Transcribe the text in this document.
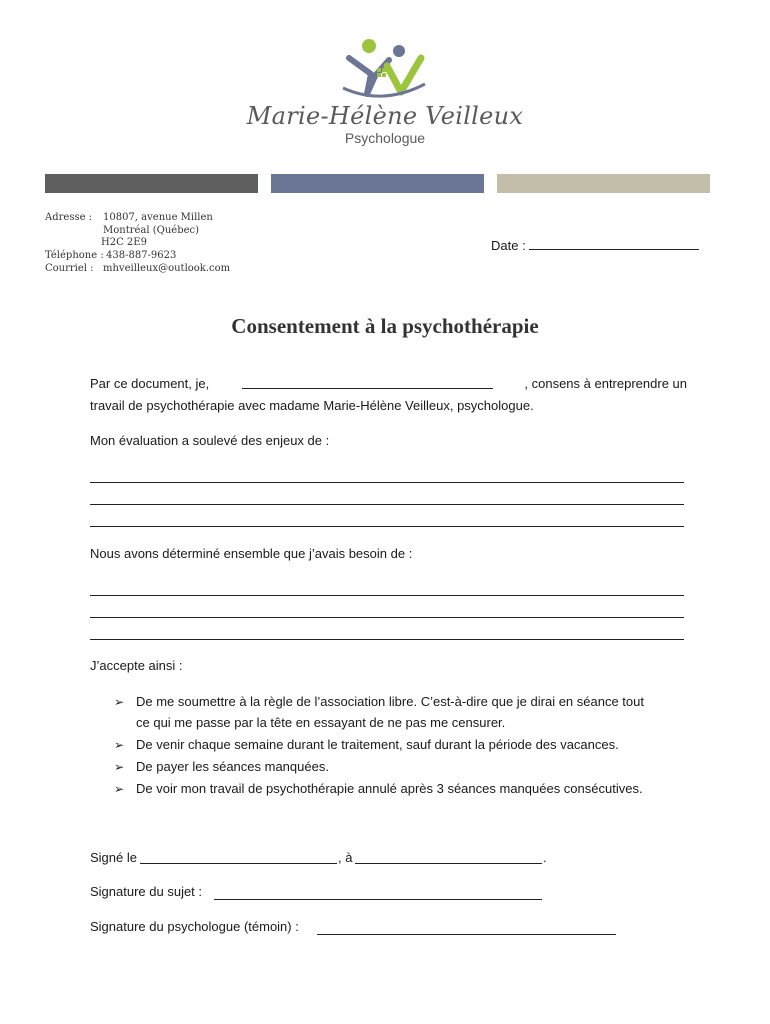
Marie-Hélène Veilleux
Psychologue
Adresse : 10807, avenue Millen
Montréal (Québec)
H2C 2E9
Téléphone : 438-887-9623
Courriel : mhveilleux@outlook.com
Date :
Consentement à la psychothérapie
Par ce document, je,	, consens à entreprendre un
travail de psychothérapie avec madame Marie-Hélène Veilleux, psychologue.
Mon évaluation a soulevé des enjeux de :
Nous avons déterminé ensemble que j’avais besoin de :
J’accepte ainsi :
➢ De me soumettre à la règle de l’association libre. C’est-à-dire que je dirai en séance tout
ce qui me passe par la tête en essayant de ne pas me censurer.
➢ De venir chaque semaine durant le traitement, sauf durant la période des vacances.
➢ De payer les séances manquées.
➢ De voir mon travail de psychothérapie annulé après 3 séances manquées consécutives.
Signé le	, à	.
Signature du sujet :
Signature du psychologue (témoin) :
